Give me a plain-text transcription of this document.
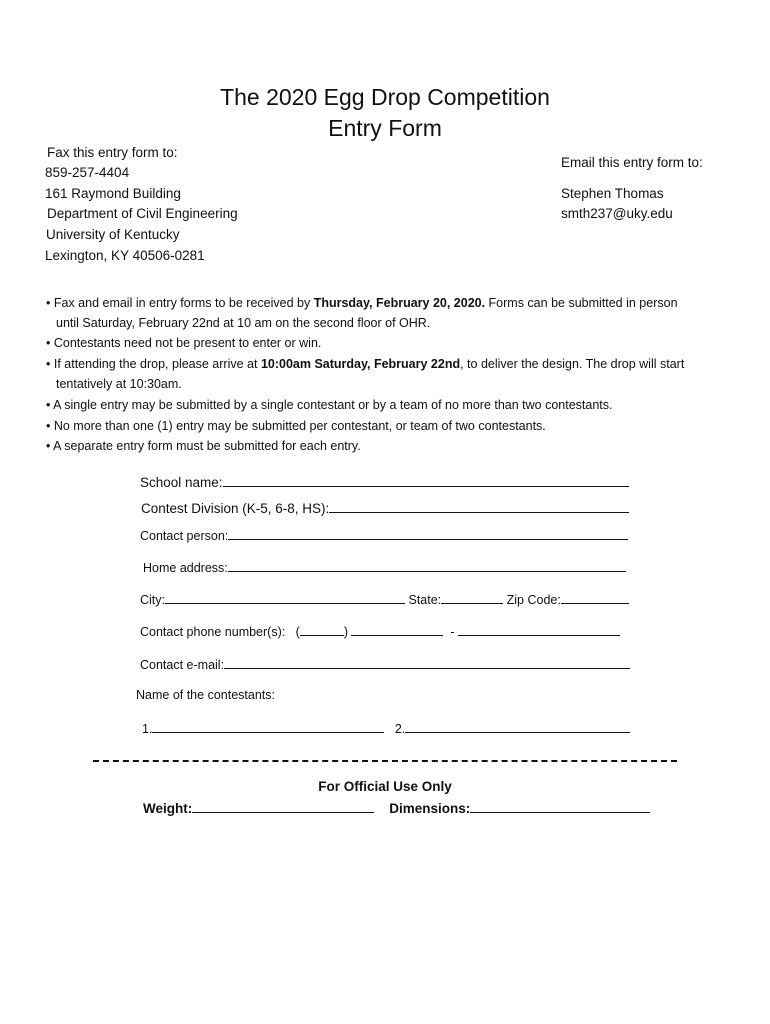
The 2020 Egg Drop Competition
Entry Form
Fax this entry form to:
859-257-4404
161 Raymond Building
Department of Civil Engineering
University of Kentucky
Lexington, KY 40506-0281
Email this entry form to:
Stephen Thomas
smth237@uky.edu
• Fax and email in entry forms to be received by Thursday, February 20, 2020. Forms can be submitted in person
until Saturday, February 22nd at 10 am on the second floor of OHR.
• Contestants need not be present to enter or win.
• If attending the drop, please arrive at 10:00am Saturday, February 22nd, to deliver the design. The drop will start
tentatively at 10:30am.
• A single entry may be submitted by a single contestant or by a team of no more than two contestants.
• No more than one (1) entry may be submitted per contestant, or team of two contestants.
• A separate entry form must be submitted for each entry.
School name:
Contest Division (K-5, 6-8, HS):
Contact person:
Home address:
City:	State:	Zip Code:
Contact phone number(s): (	)	-
Contact e-mail:
Name of the contestants:
1.	2.
For Official Use Only
Weight:	Dimensions:
